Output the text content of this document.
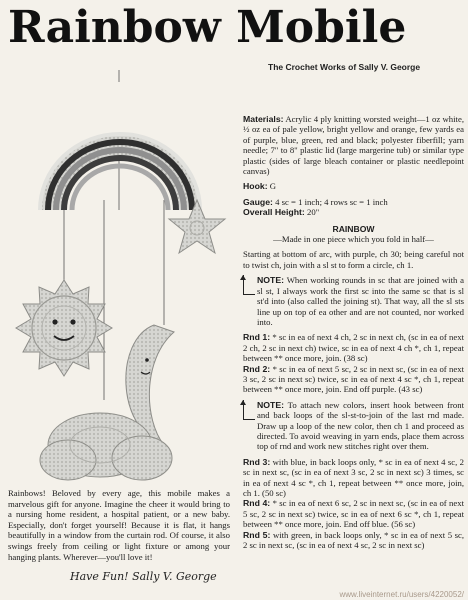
Rainbow Mobile
The Crochet Works of Sally V. George
Rainbows! Beloved by every age, this mobile makes a marvelous gift for anyone. Imagine the cheer it would bring to a nursing home resident, a hospital patient, or a new baby. Especially, don't forget yourself! Because it is flat, it hangs beautifully in a window from the curtain rod. Of course, it also swings freely from ceiling or light fixture or among your hanging plants. Wherever—you'll love it!
Have Fun! Sally V. George

Materials: Acrylic 4 ply knitting worsted weight—1 oz white, ½ oz ea of pale yellow, bright yellow and orange, few yards ea of purple, blue, green, red and black; polyester fiberfill; yarn needle; 7" to 8" plastic lid (large margerine tub) or similar type plastic (sides of large bleach container or plastic needlepoint canvas)

Hook: G

Gauge: 4 sc = 1 inch; 4 rows sc = 1 inch

Overall Height: 20"

RAINBOW

—Made in one piece which you fold in half—

Starting at bottom of arc, with purple, ch 30; being careful not to twist ch, join with a sl st to form a circle, ch 1.

NOTE: When working rounds in sc that are joined with a sl st, I always work the first sc into the same sc that is sl st'd into (also called the joining st). That way, all the sl sts line up on top of ea other and are not counted, nor worked into.

Rnd 1: * sc in ea of next 4 ch, 2 sc in next ch, (sc in ea of next 2 ch, 2 sc in next ch) twice, sc in ea of next 4 ch *, ch 1, repeat between ** once more, join. (38 sc)

Rnd 2: * sc in ea of next 5 sc, 2 sc in next sc, (sc in ea of next 3 sc, 2 sc in next sc) twice, sc in ea of next 4 sc *, ch 1, repeat between ** once more, join. End off purple. (43 sc)

NOTE: To attach new colors, insert hook between front and back loops of the sl-st-to-join of the last rnd made. Draw up a loop of the new color, then ch 1 and proceed as directed. To avoid weaving in yarn ends, place them across top of rnd and work new stitches right over them.

Rnd 3: with blue, in back loops only, * sc in ea of next 4 sc, 2 sc in next sc, (sc in ea of next 3 sc, 2 sc in next sc) 3 times, sc in ea of next 4 sc *, ch 1, repeat between ** once more, join, ch 1. (50 sc)

Rnd 4: * sc in ea of next 6 sc, 2 sc in next sc, (sc in ea of next 5 sc, 2 sc in next sc) twice, sc in ea of next 6 sc *, ch 1, repeat between ** once more, join. End off blue. (56 sc)

Rnd 5: with green, in back loops only, * sc in ea of next 5 sc, 2 sc in next sc, (sc in ea of next 4 sc, 2 sc in next sc)

www.liveinternet.ru/users/4220052/
